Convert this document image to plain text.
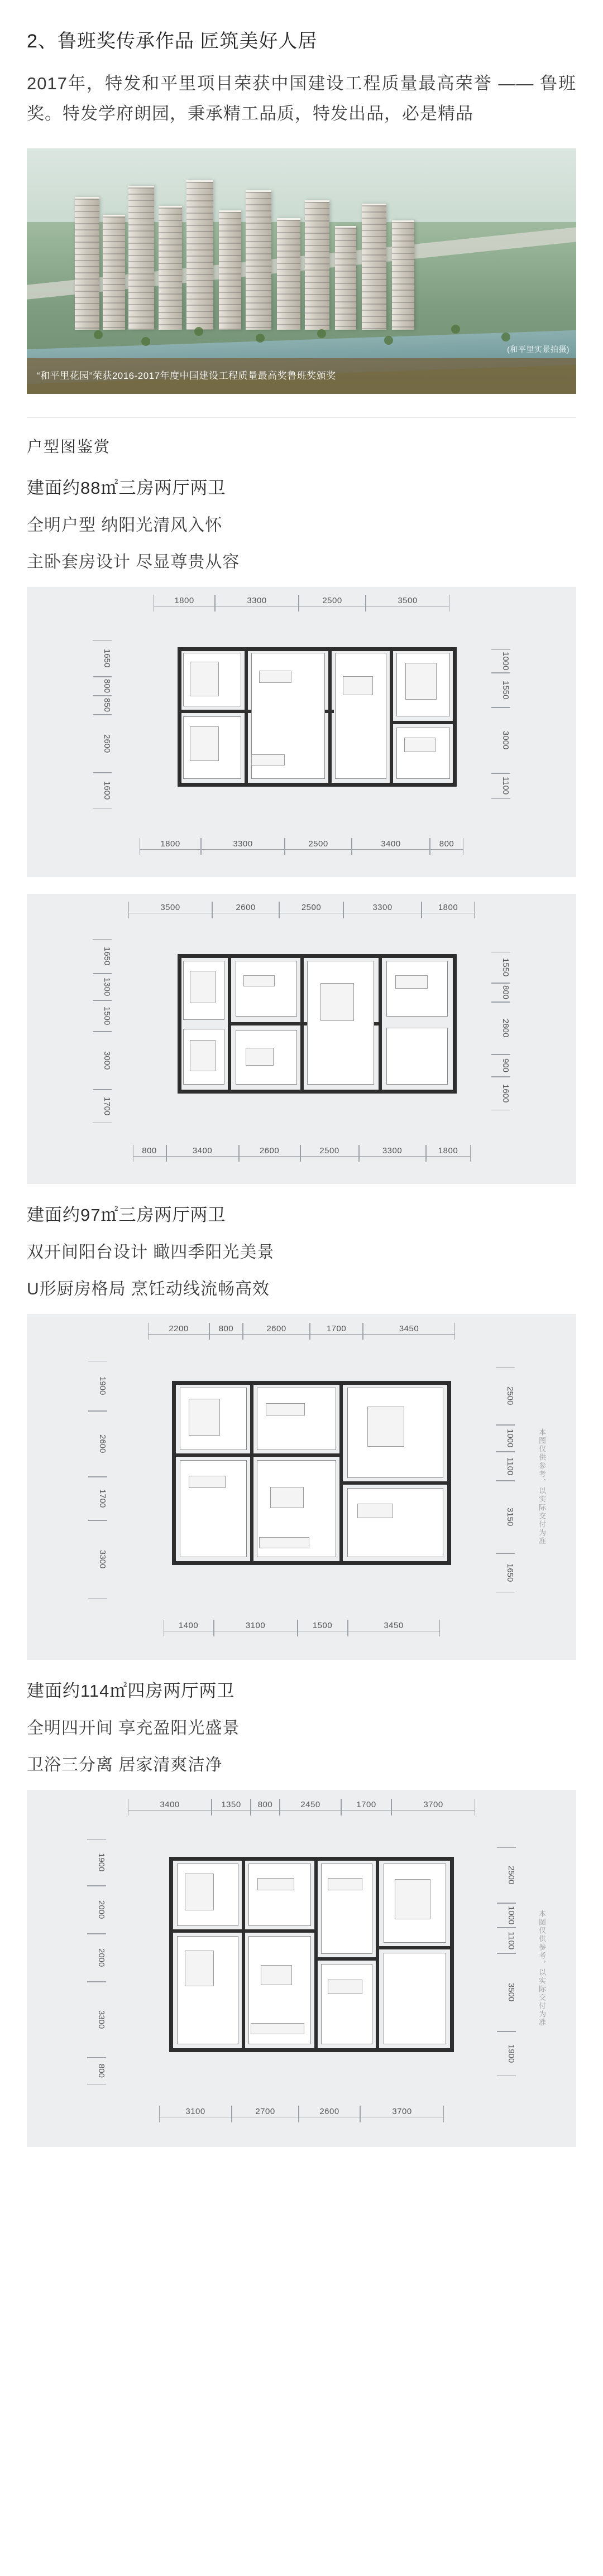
2、鲁班奖传承作品 匠筑美好人居

2017年，特发和平里项目荣获中国建设工程质量最高荣誉 —— 鲁班奖。特发学府朗园，秉承精工品质，特发出品，必是精品

(和平里实景拍摄)
“和平里花园”荣获2016-2017年度中国建设工程质量最高奖鲁班奖颁奖
户型图鉴赏
建面约88㎡三房两厅两卫
全明户型 纳阳光清风入怀
主卧套房设计 尽显尊贵从容
1800	3300	2500	3500
1650
800
850
2600
1600
1000
1550
3000
1100
1800	3300	2500	3400	800
3500	2600	2500	3300	1800
1650
1300
1500
3000
1700
1550
800
2800
900
1600
800	3400	2600	2500	3300	1800
建面约97㎡三房两厅两卫
双开间阳台设计 瞰四季阳光美景
U形厨房格局 烹饪动线流畅高效
2200	800	2600	1700	3450
1900
2600
1700
3300
2500
1000
1100
3150
1650
本图仅供参考，以实际交付为准
1400	3100	1500	3450
建面约114㎡四房两厅两卫
全明四开间 享充盈阳光盛景
卫浴三分离 居家清爽洁净
3400	1350	800	2450	1700	3700
1900
2000
2000
3300
800
2500
1000
1100
3500
1900
本图仅供参考，以实际交付为准
3100	2700	2600	3700
